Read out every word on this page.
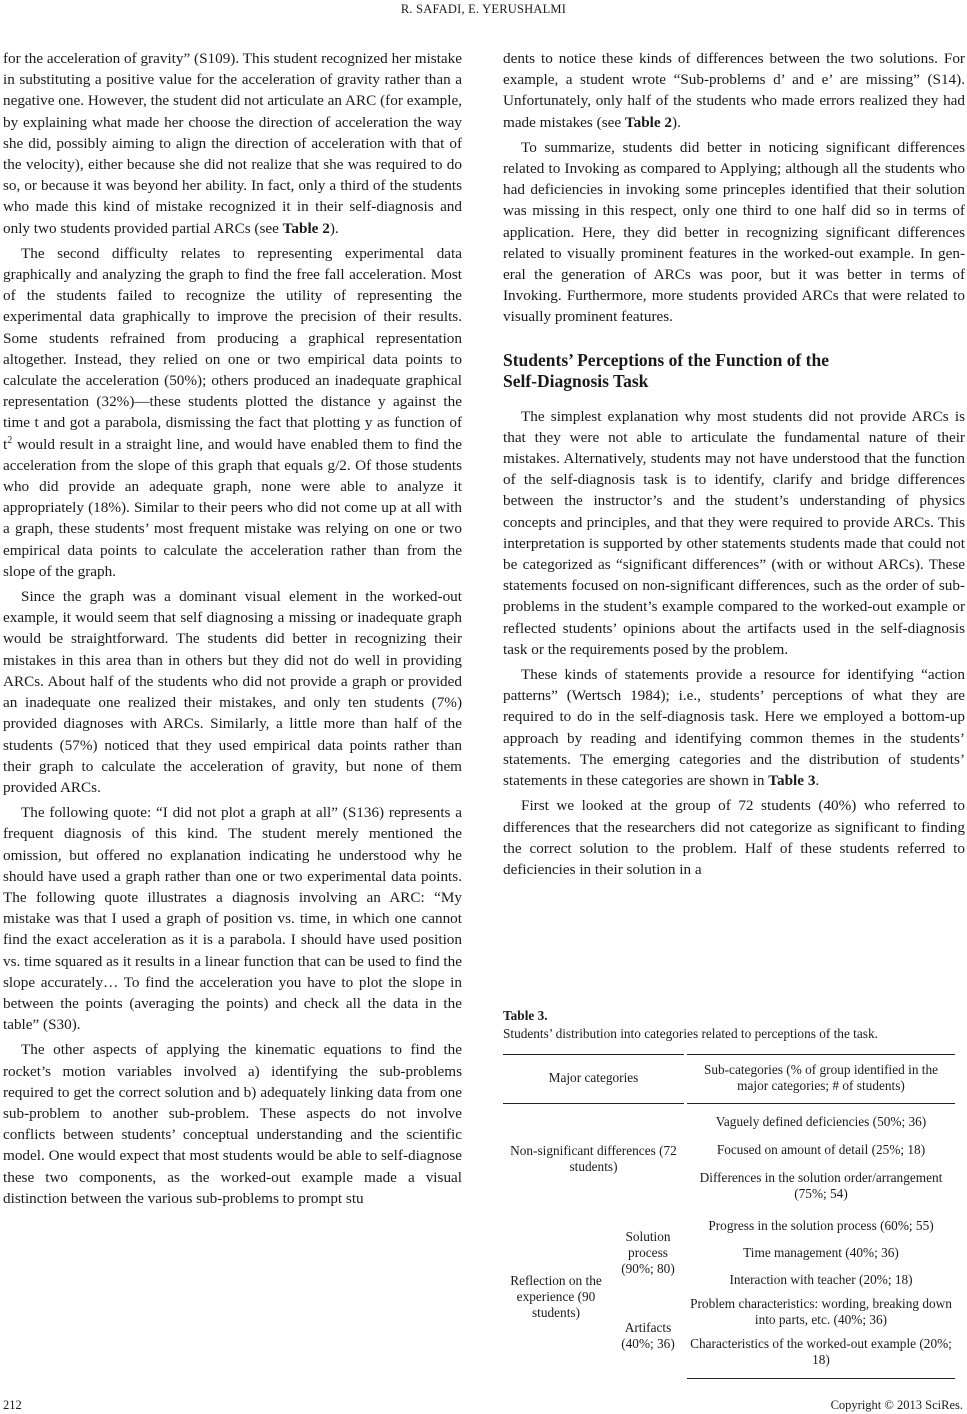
R. SAFADI, E. YERUSHALMI

for the acceleration of gravity” (S109). This student recognized her mistake in substituting a positive value for the acceleration of gravity rather than a negative one. However, the student did not articulate an ARC (for example, by explaining what made her choose the direction of acceleration the way she did, possibly aiming to align the direction of acceleration with that of the velocity), either because she did not realize that she was required to do so, or because it was beyond her ability. In fact, only a third of the students who made this kind of mistake recognized it in their self-diagnosis and only two students provided partial ARCs (see Table 2).

The second difficulty relates to representing experimental data graphically and analyzing the graph to find the free fall acceleration. Most of the students failed to recognize the utility of representing the experimental data graphically to improve the precision of their results. Some students refrained from producing a graphical representation altogether. Instead, they relied on one or two empirical data points to calculate the acceleration (50%); others produced an inadequate graphical representation (32%)—these students plotted the distance y against the time t and got a parabola, dismissing the fact that plotting y as function of $t^2$ would result in a straight line, and would have enabled them to find the acceleration from the slope of this graph that equals g/2. Of those students who did provide an adequate graph, none were able to analyze it appropriately (18%). Similar to their peers who did not come up at all with a graph, these students’ most frequent mistake was relying on one or two empirical data points to calculate the acceleration rather than from the slope of the graph.

Since the graph was a dominant visual element in the worked-out example, it would seem that self diagnosing a missing or inadequate graph would be straightforward. The students did better in recognizing their mistakes in this area than in others but they did not do well in providing ARCs. About half of the students who did not provide a graph or provided an inadequate one realized their mistakes, and only ten students (7%) provided diagnoses with ARCs. Similarly, a little more than half of the students (57%) noticed that they used empirical data points rather than their graph to calculate the acceleration of gravity, but none of them provided ARCs.

The following quote: “I did not plot a graph at all” (S136) represents a frequent diagnosis of this kind. The student merely mentioned the omission, but offered no explanation indicating he understood why he should have used a graph rather than one or two experimental data points. The following quote illustrates a diagnosis involving an ARC: “My mistake was that I used a graph of position vs. time, in which one cannot find the exact acceleration as it is a parabola. I should have used position vs. time squared as it results in a linear function that can be used to find the slope accurately… To find the acceleration you have to plot the slope in between the points (averaging the points) and check all the data in the table” (S30).

The other aspects of applying the kinematic equations to find the rocket’s motion variables involved a) identifying the sub-problems required to get the correct solution and b) adequately linking data from one sub-problem to another sub-problem. These aspects do not involve conflicts between students’ conceptual understanding and the scientific model. One would expect that most students would be able to self-diagnose these two components, as the worked-out example made a visual distinction between the various sub-problems to prompt stu

dents to notice these kinds of differences between the two solutions. For example, a student wrote “Sub-problems d’ and e’ are missing” (S14). Unfortunately, only half of the students who made errors realized they had made mistakes (see Table 2).

To summarize, students did better in noticing significant differences related to Invoking as compared to Applying; although all the students who had deficiencies in invoking some princeples identified that their solution was missing in this respect, only one third to one half did so in terms of application. Here, they did better in recognizing significant differences related to visually prominent features in the worked-out example. In general the generation of ARCs was poor, but it was better in terms of Invoking. Furthermore, more students provided ARCs that were related to visually prominent features.

Students’ Perceptions of the Function of the
Self-Diagnosis Task

The simplest explanation why most students did not provide ARCs is that they were not able to articulate the fundamental nature of their mistakes. Alternatively, students may not have understood that the function of the self-diagnosis task is to identify, clarify and bridge differences between the instructor’s and the student’s understanding of physics concepts and principles, and that they were required to provide ARCs. This interpretation is supported by other statements students made that could not be categorized as “significant differences” (with or without ARCs). These statements focused on non-significant differences, such as the order of sub-problems in the student’s example compared to the worked-out example or reflected students’ opinions about the artifacts used in the self-diagnosis task or the requirements posed by the problem.

These kinds of statements provide a resource for identifying “action patterns” (Wertsch 1984); i.e., students’ perceptions of what they are required to do in the self-diagnosis task. Here we employed a bottom-up approach by reading and identifying common themes in the students’ statements. The emerging categories and the distribution of students’ statements in these categories are shown in Table 3.

First we looked at the group of 72 students (40%) who referred to differences that the researchers did not categorize as significant to finding the correct solution to the problem. Half of these students referred to deficiencies in their solution in a

Table 3.

Students’ distribution into categories related to perceptions of the task.

Major categories		Sub-categories (% of group identified in the major categories; # of students)
Non-significant differences (72 students)		Vaguely defined deficiencies (50%; 36)
		Focused on amount of detail (25%; 18)
		Differences in the solution order/arrangement (75%; 54)
Reflection on the experience (90 students)	Solution process (90%; 80)	Progress in the solution process (60%; 55)
		Time management (40%; 36)
		Interaction with teacher (20%; 18)
	Artifacts (40%; 36)	Problem characteristics: wording, breaking down into parts, etc. (40%; 36)
		Characteristics of the worked-out example (20%; 18)
212	Copyright © 2013 SciRes.
